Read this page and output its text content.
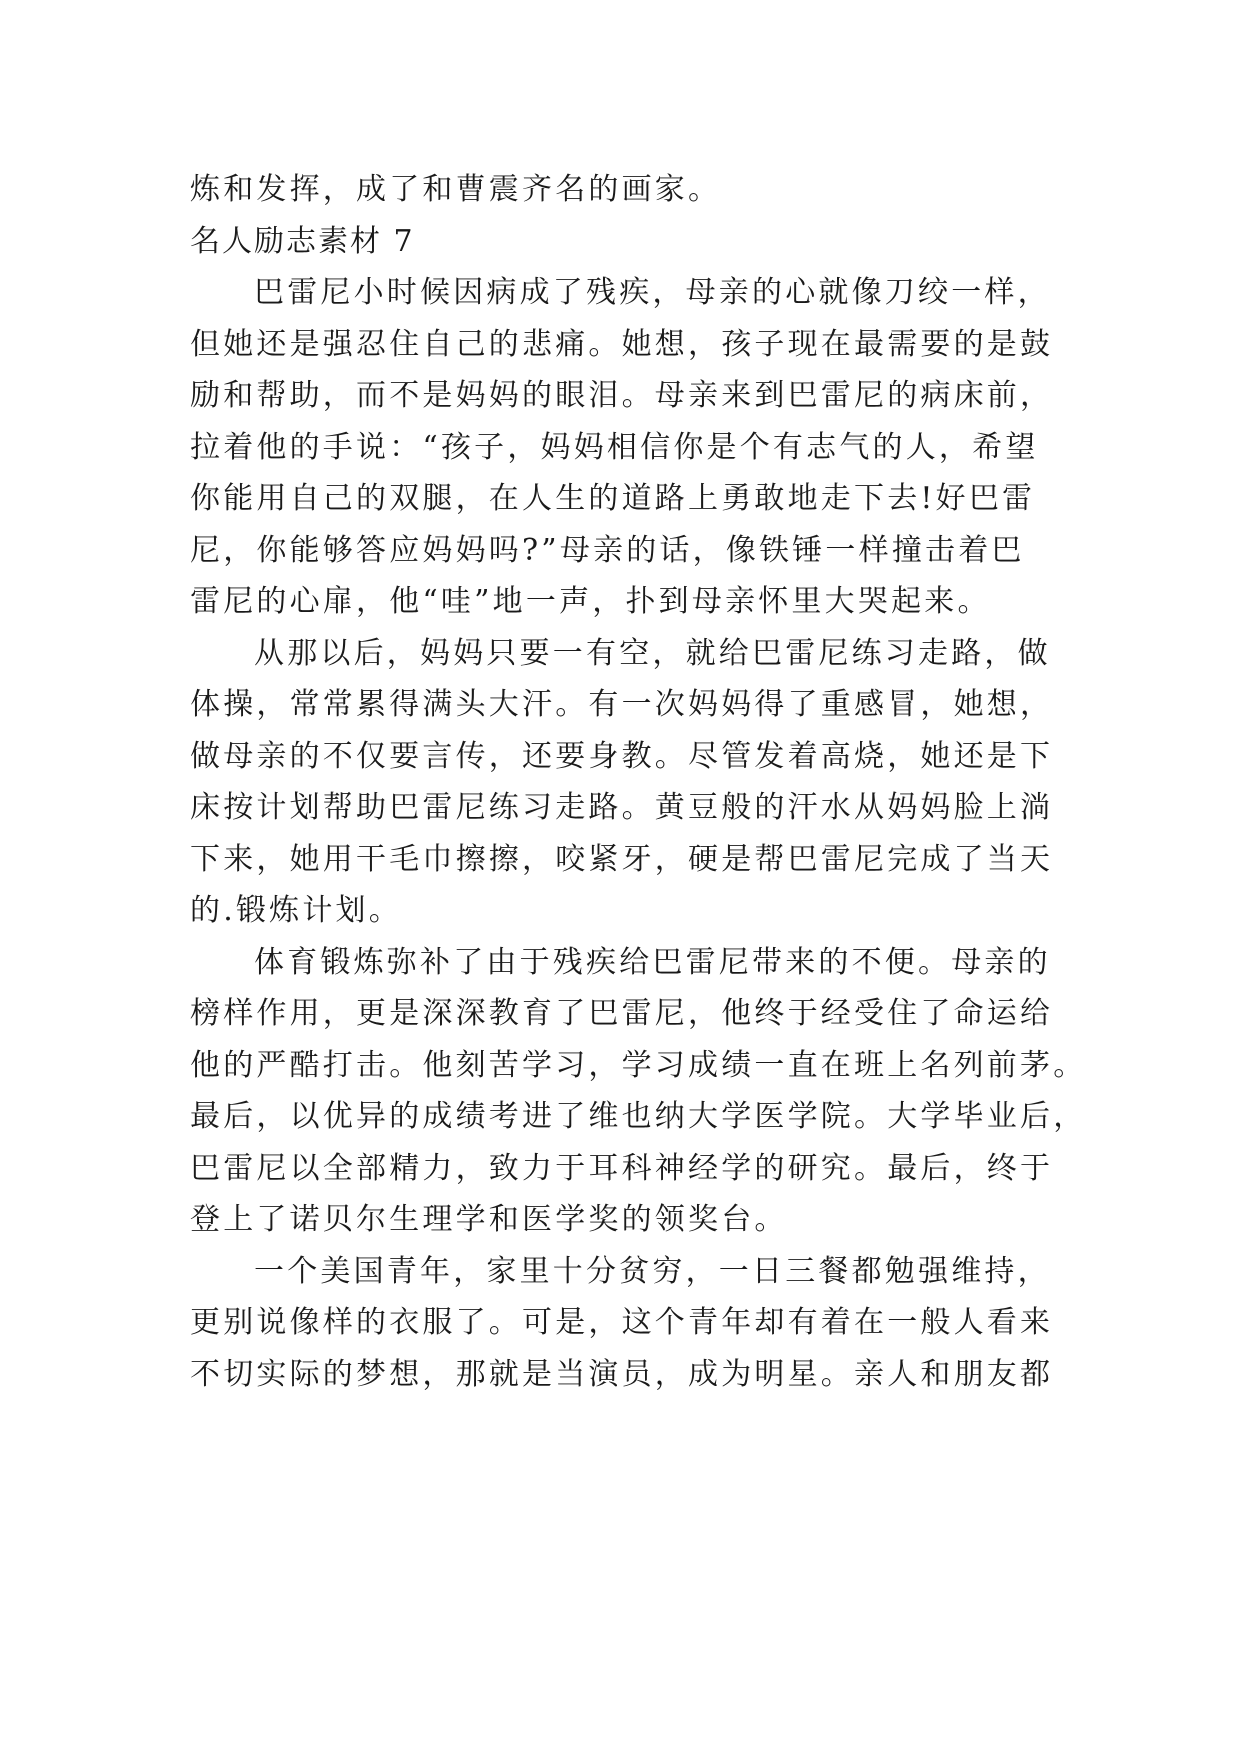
炼和发挥，成了和曹震齐名的画家。
名人励志素材 7
巴雷尼小时候因病成了残疾，母亲的心就像刀绞一样，
但她还是强忍住自己的悲痛。她想，孩子现在最需要的是鼓
励和帮助，而不是妈妈的眼泪。母亲来到巴雷尼的病床前，
拉着他的手说：“孩子，妈妈相信你是个有志气的人，希望
你能用自己的双腿，在人生的道路上勇敢地走下去!好巴雷
尼，你能够答应妈妈吗?”母亲的话，像铁锤一样撞击着巴
雷尼的心扉，他“哇”地一声，扑到母亲怀里大哭起来。
从那以后，妈妈只要一有空，就给巴雷尼练习走路，做
体操，常常累得满头大汗。有一次妈妈得了重感冒，她想，
做母亲的不仅要言传，还要身教。尽管发着高烧，她还是下
床按计划帮助巴雷尼练习走路。黄豆般的汗水从妈妈脸上淌
下来，她用干毛巾擦擦，咬紧牙，硬是帮巴雷尼完成了当天
的.锻炼计划。
体育锻炼弥补了由于残疾给巴雷尼带来的不便。母亲的
榜样作用，更是深深教育了巴雷尼，他终于经受住了命运给
他的严酷打击。他刻苦学习，学习成绩一直在班上名列前茅。
最后，以优异的成绩考进了维也纳大学医学院。大学毕业后，
巴雷尼以全部精力，致力于耳科神经学的研究。最后，终于
登上了诺贝尔生理学和医学奖的领奖台。
一个美国青年，家里十分贫穷，一日三餐都勉强维持，
更别说像样的衣服了。可是，这个青年却有着在一般人看来
不切实际的梦想，那就是当演员，成为明星。亲人和朋友都
